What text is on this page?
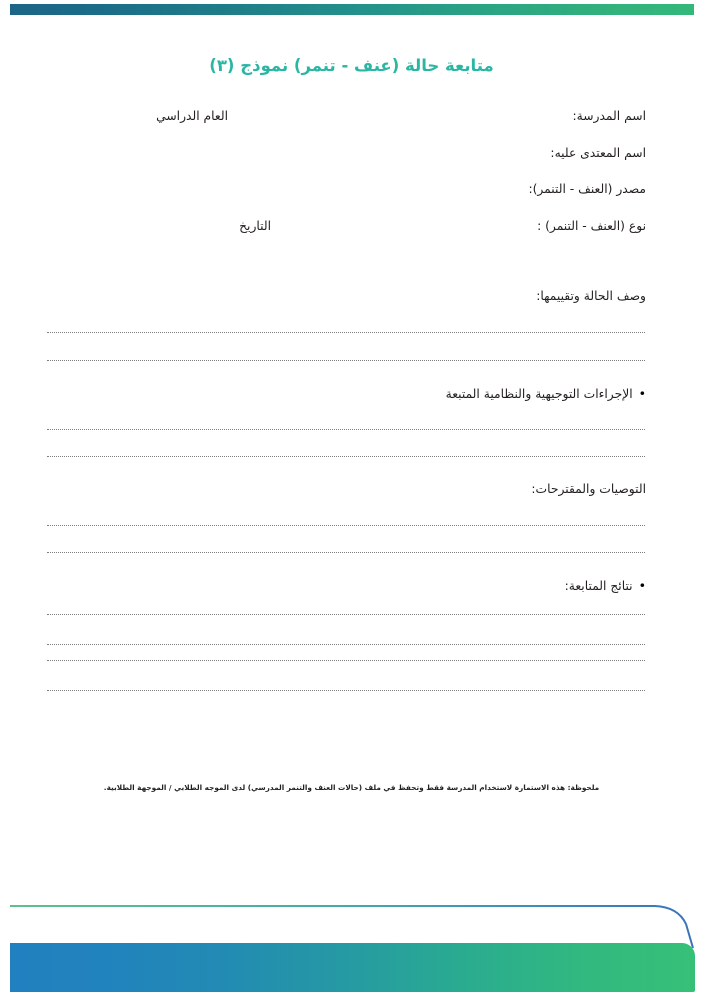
متابعة حالة (عنف - تنمر) نموذج (٣)
اسم المدرسة:
العام الدراسي
اسم المعتدى عليه:
مصدر (العنف - التنمر):
نوع (العنف - التنمر) :
التاريخ
وصف الحالة وتقييمها:
• الإجراءات التوجيهية والنظامية المتبعة
التوصيات والمقترحات:
• نتائج المتابعة:
ملحوظة: هذه الاستمارة لاستخدام المدرسة فقط وتحفظ في ملف (حالات العنف والتنمر المدرسي) لدى الموجه الطلابي / الموجهة الطلابية.
